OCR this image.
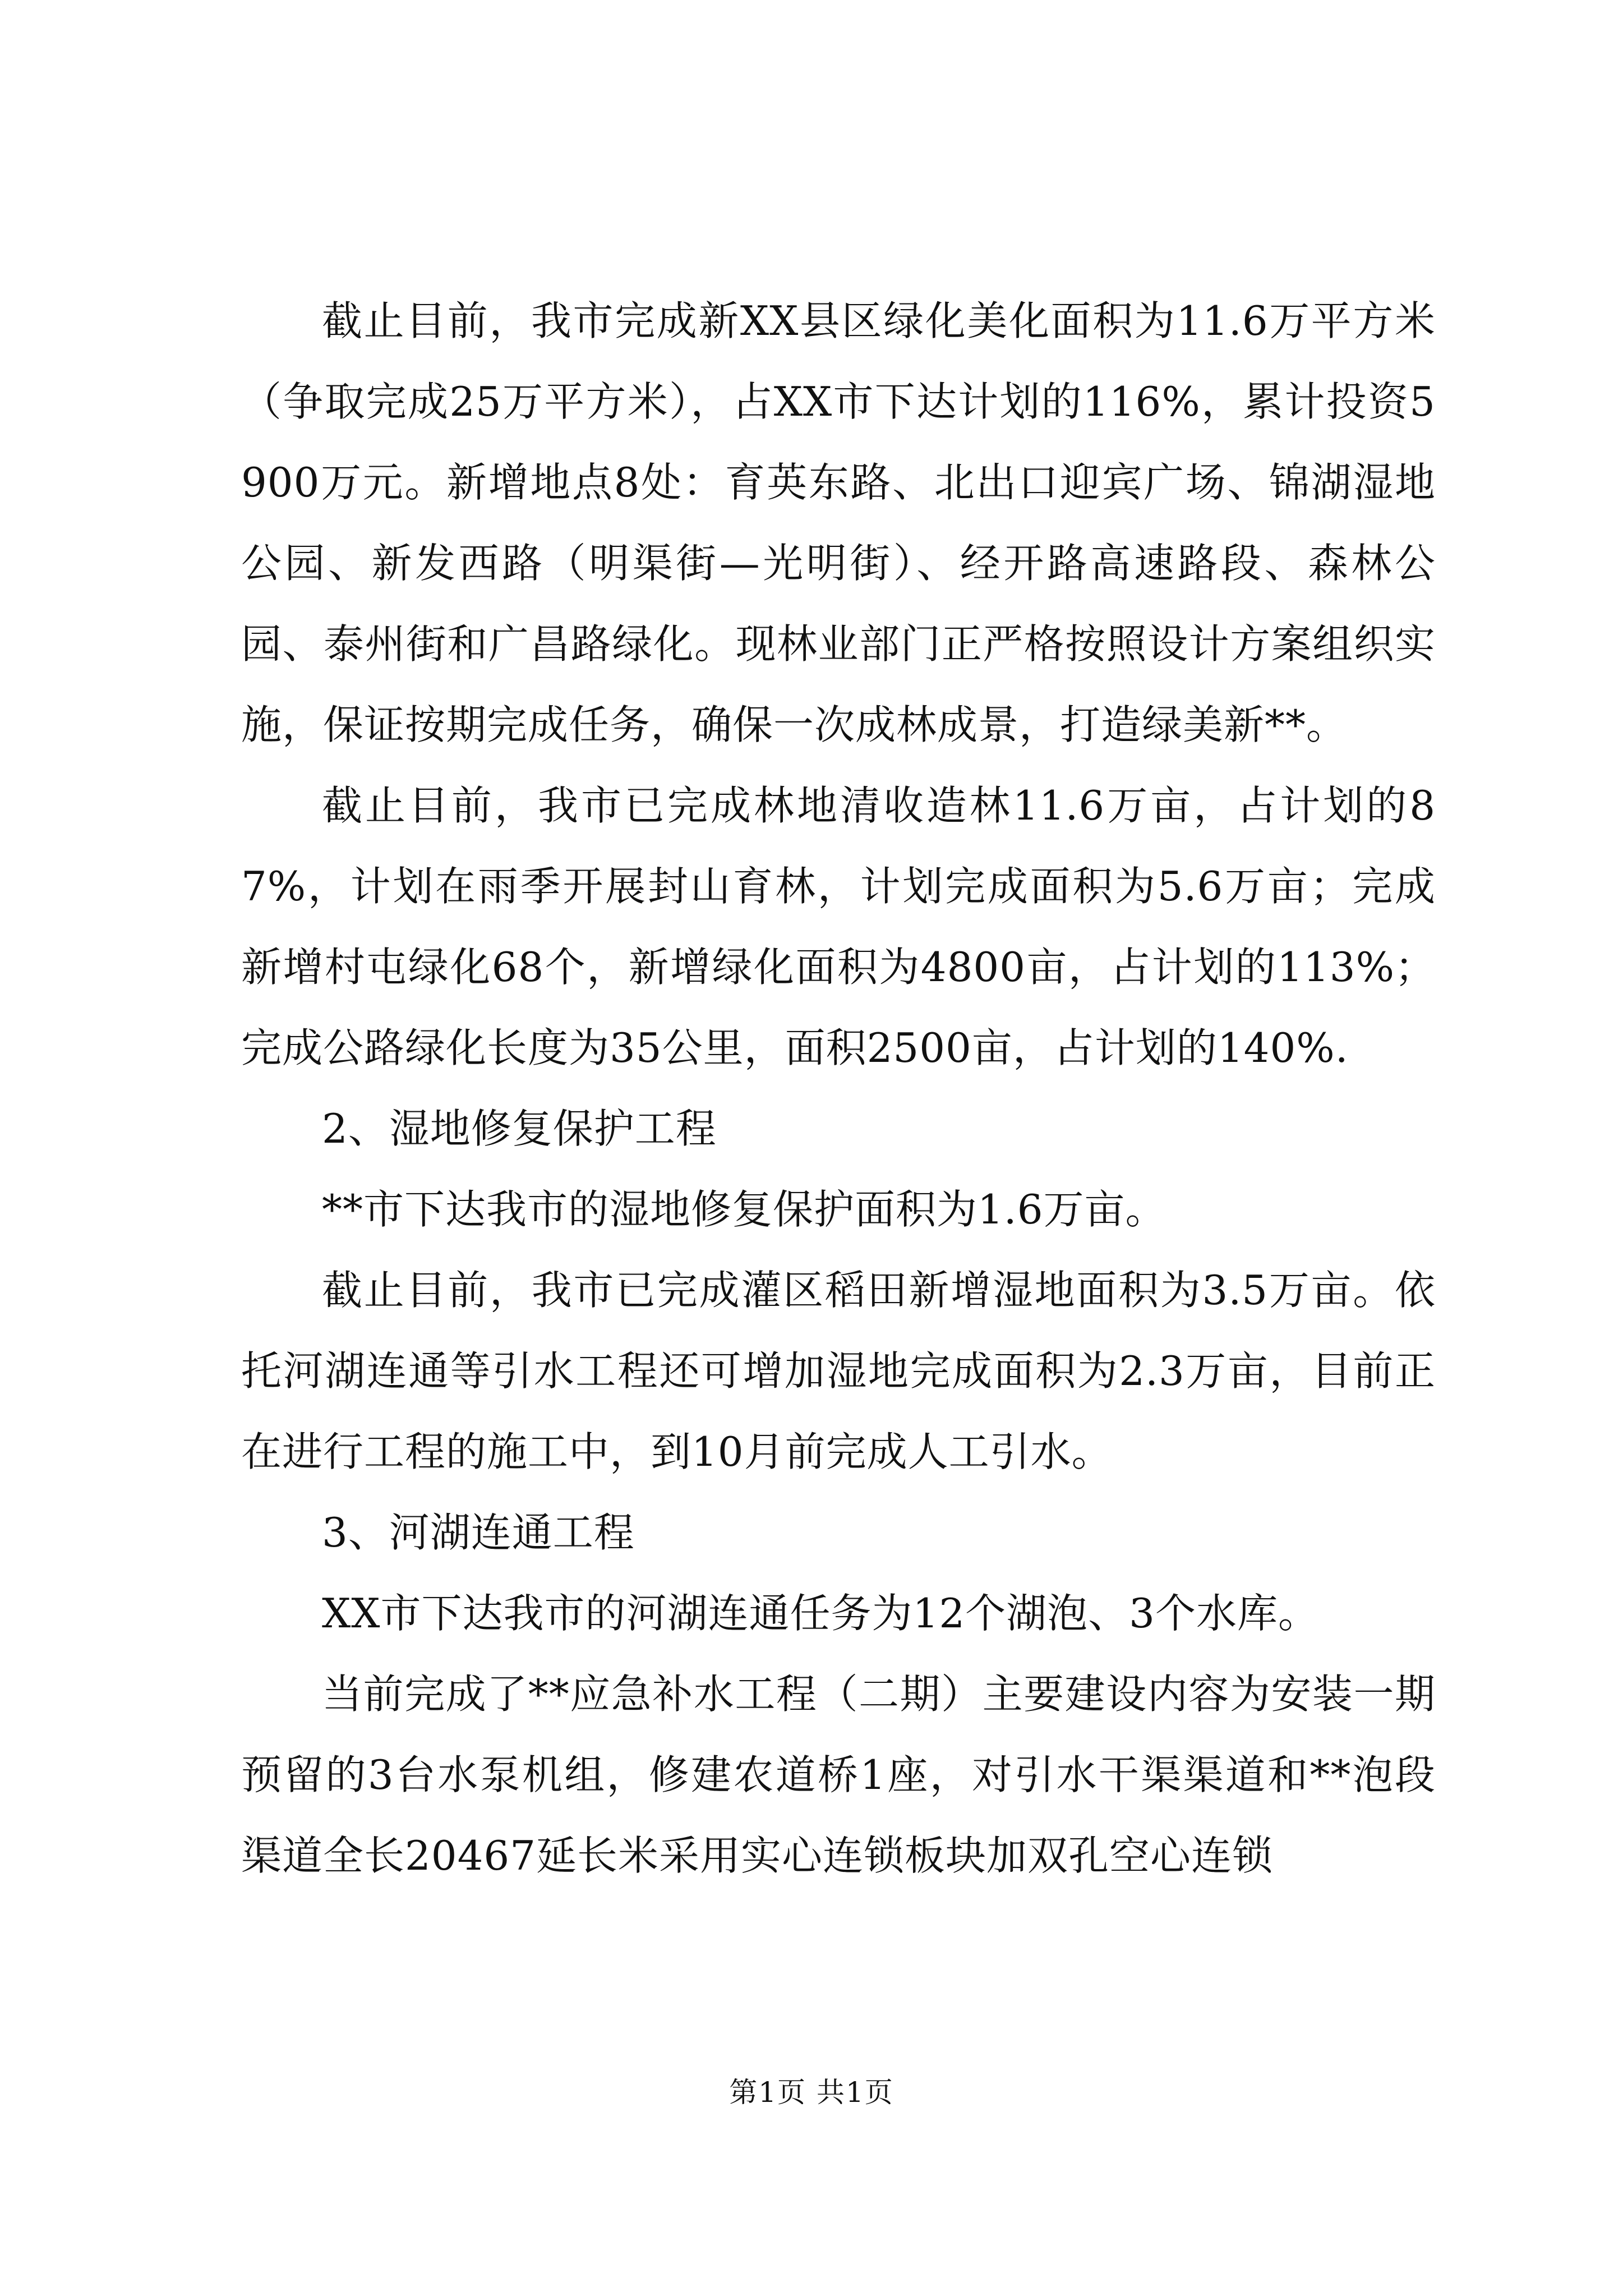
截止目前，我市完成新XX县区绿化美化面积为11.6万平方米（争取完成25万平方米），占XX市下达计划的116%，累计投资5900万元。新增地点8处：育英东路、北出口迎宾广场、锦湖湿地公园、新发西路（明渠街—光明街）、经开路高速路段、森林公园、泰州街和广昌路绿化。现林业部门正严格按照设计方案组织实施，保证按期完成任务，确保一次成林成景，打造绿美新**。

截止目前，我市已完成林地清收造林11.6万亩，占计划的87%，计划在雨季开展封山育林，计划完成面积为5.6万亩；完成新增村屯绿化68个，新增绿化面积为4800亩，占计划的113%；完成公路绿化长度为35公里，面积2500亩，占计划的140%.

2、湿地修复保护工程

**市下达我市的湿地修复保护面积为1.6万亩。

截止目前，我市已完成灌区稻田新增湿地面积为3.5万亩。依托河湖连通等引水工程还可增加湿地完成面积为2.3万亩，目前正在进行工程的施工中，到10月前完成人工引水。

3、河湖连通工程

XX市下达我市的河湖连通任务为12个湖泡、3个水库。

当前完成了**应急补水工程（二期）主要建设内容为安装一期预留的3台水泵机组，修建农道桥1座，对引水干渠渠道和**泡段渠道全长20467延长米采用实心连锁板块加双孔空心连锁

第1页 共1页
